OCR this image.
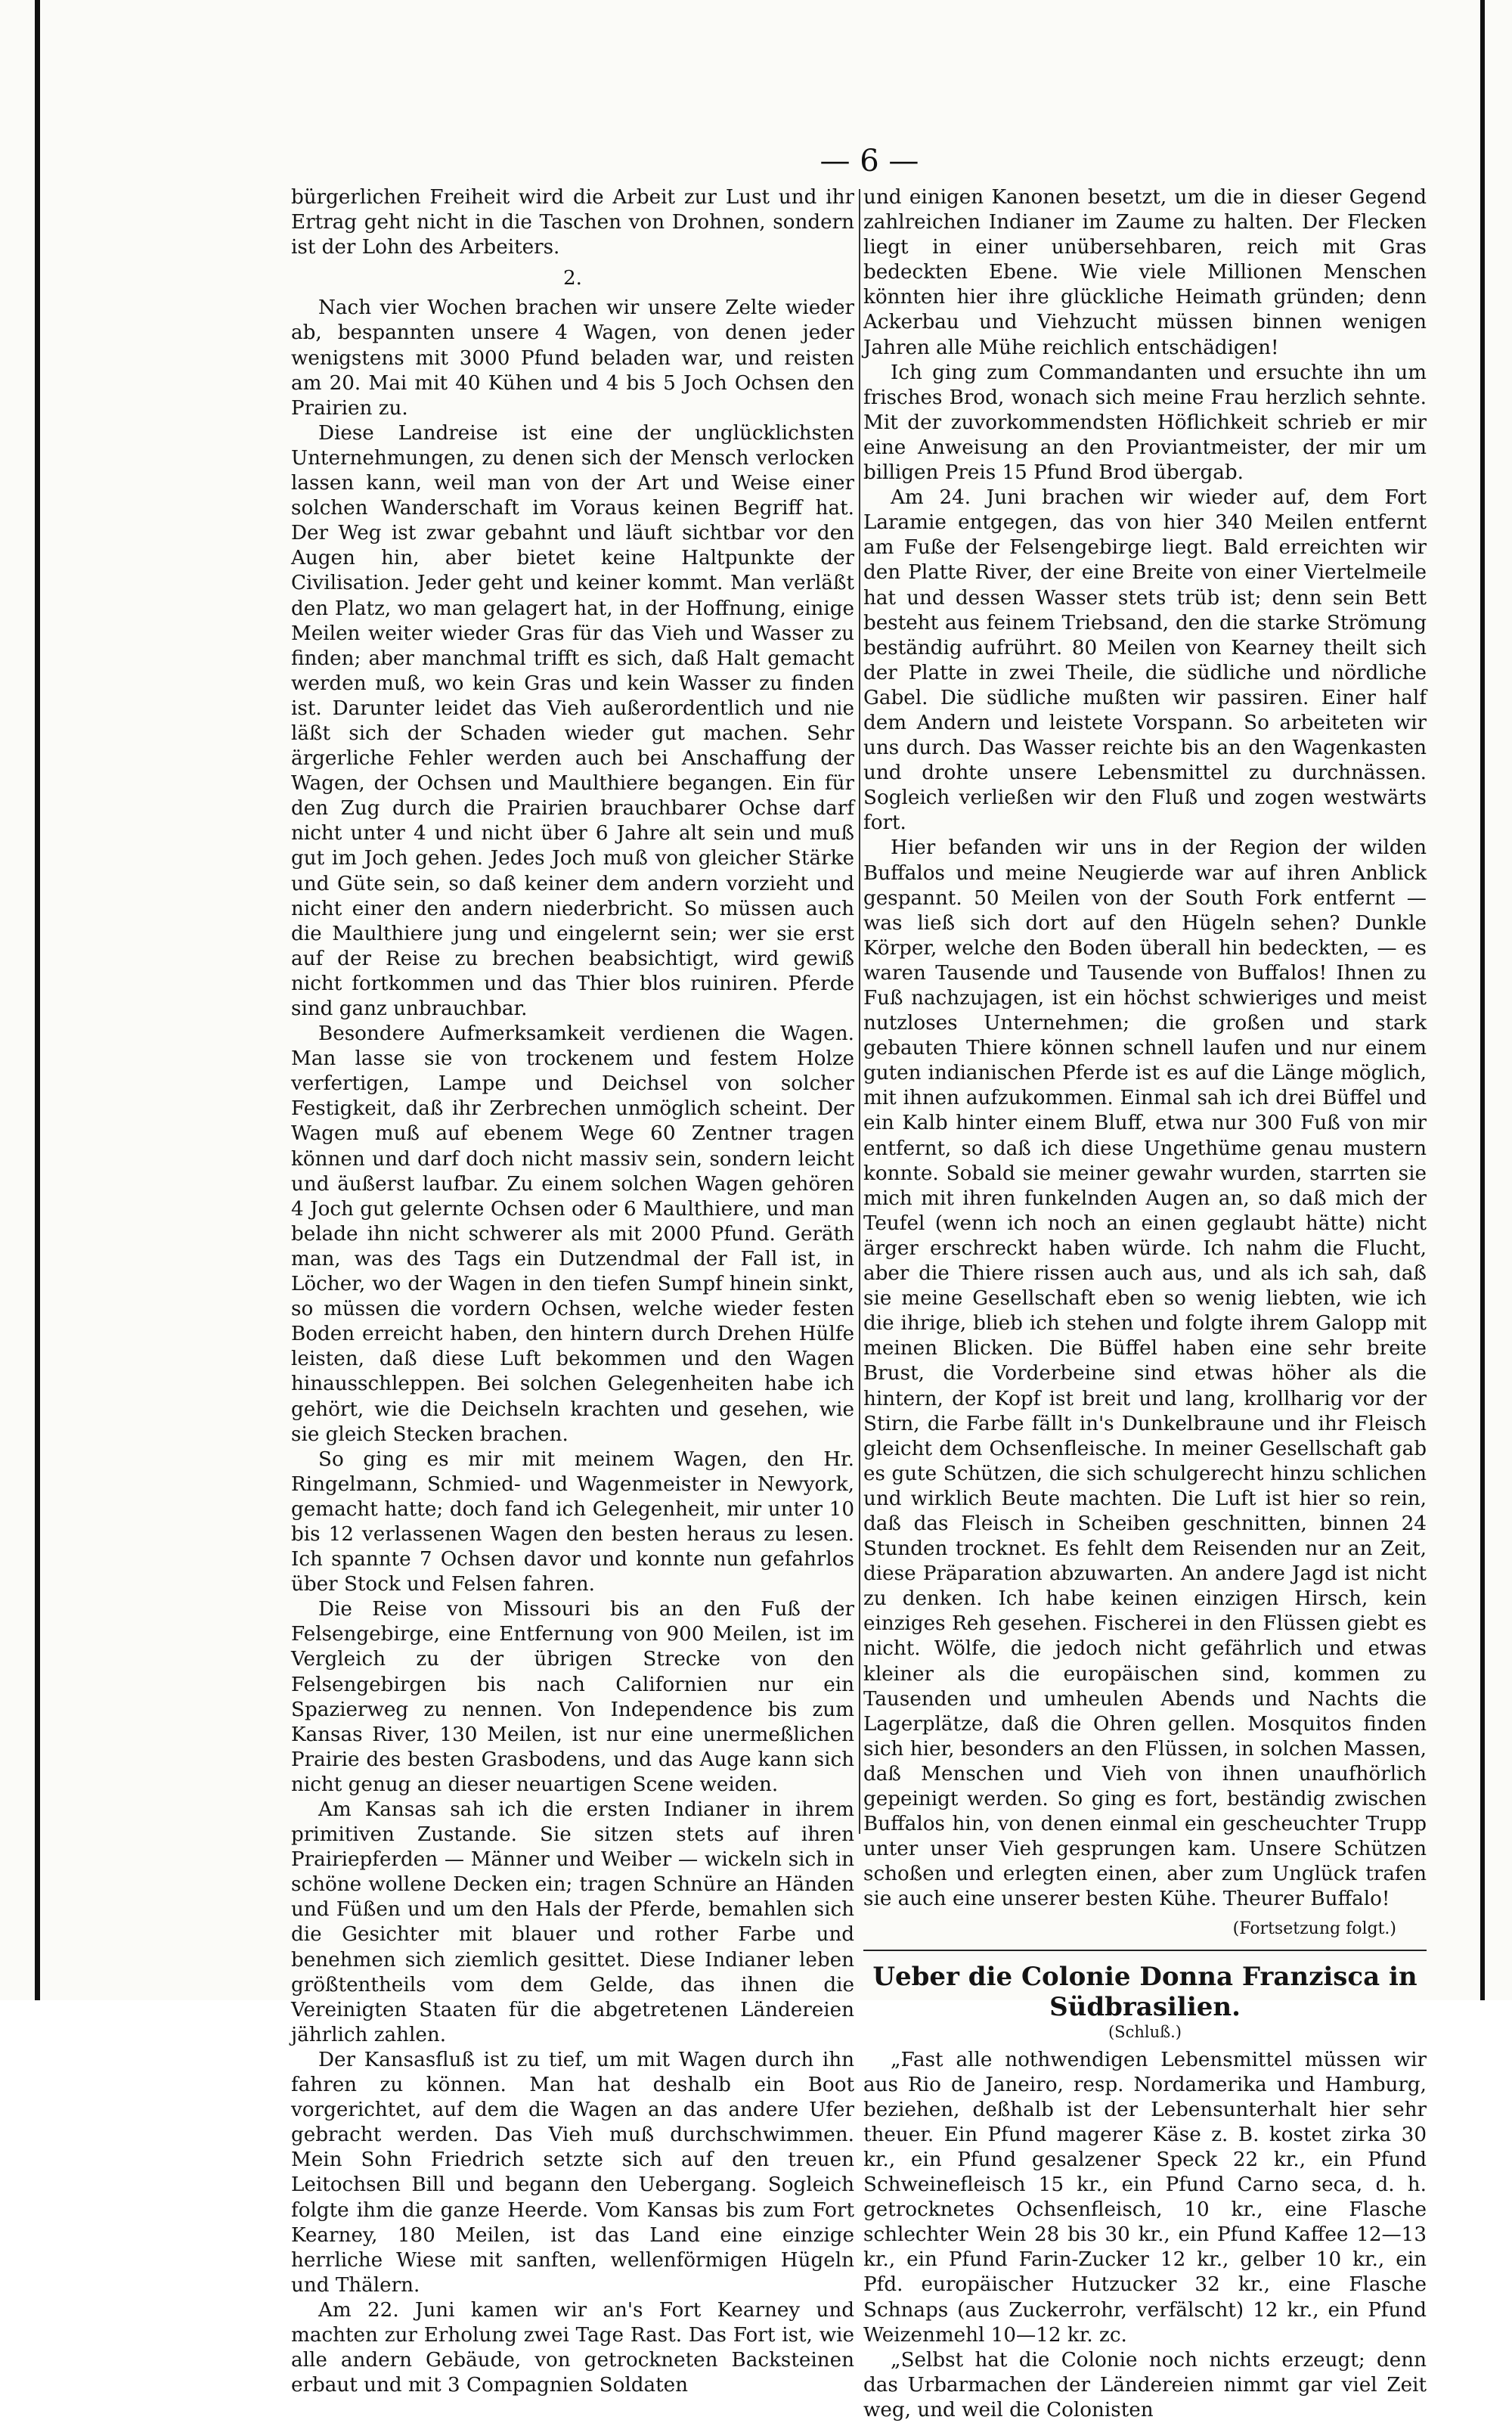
— 6 —

bürgerlichen Freiheit wird die Arbeit zur Lust und ihr Ertrag geht nicht in die Taschen von Drohnen, sondern ist der Lohn des Arbeiters.

2.

Nach vier Wochen brachen wir unsere Zelte wieder ab, bespannten unsere 4 Wagen, von denen jeder wenigstens mit 3000 Pfund beladen war, und reisten am 20. Mai mit 40 Kühen und 4 bis 5 Joch Ochsen den Prairien zu.

Diese Landreise ist eine der unglücklichsten Unternehmungen, zu denen sich der Mensch verlocken lassen kann, weil man von der Art und Weise einer solchen Wanderschaft im Voraus keinen Begriff hat. Der Weg ist zwar gebahnt und läuft sichtbar vor den Augen hin, aber bietet keine Haltpunkte der Civilisation. Jeder geht und keiner kommt. Man verläßt den Platz, wo man gelagert hat, in der Hoffnung, einige Meilen weiter wieder Gras für das Vieh und Wasser zu finden; aber manchmal trifft es sich, daß Halt gemacht werden muß, wo kein Gras und kein Wasser zu finden ist. Darunter leidet das Vieh außerordentlich und nie läßt sich der Schaden wieder gut machen. Sehr ärgerliche Fehler werden auch bei Anschaffung der Wagen, der Ochsen und Maulthiere begangen. Ein für den Zug durch die Prairien brauchbarer Ochse darf nicht unter 4 und nicht über 6 Jahre alt sein und muß gut im Joch gehen. Jedes Joch muß von gleicher Stärke und Güte sein, so daß keiner dem andern vorzieht und nicht einer den andern niederbricht. So müssen auch die Maulthiere jung und eingelernt sein; wer sie erst auf der Reise zu brechen beabsichtigt, wird gewiß nicht fortkommen und das Thier blos ruiniren. Pferde sind ganz unbrauchbar.

Besondere Aufmerksamkeit verdienen die Wagen. Man lasse sie von trockenem und festem Holze verfertigen, Lampe und Deichsel von solcher Festigkeit, daß ihr Zerbrechen unmöglich scheint. Der Wagen muß auf ebenem Wege 60 Zentner tragen können und darf doch nicht massiv sein, sondern leicht und äußerst laufbar. Zu einem solchen Wagen gehören 4 Joch gut gelernte Ochsen oder 6 Maulthiere, und man belade ihn nicht schwerer als mit 2000 Pfund. Geräth man, was des Tags ein Dutzendmal der Fall ist, in Löcher, wo der Wagen in den tiefen Sumpf hinein sinkt, so müssen die vordern Ochsen, welche wieder festen Boden erreicht haben, den hintern durch Drehen Hülfe leisten, daß diese Luft bekommen und den Wagen hinausschleppen. Bei solchen Gelegenheiten habe ich gehört, wie die Deichseln krachten und gesehen, wie sie gleich Stecken brachen.

So ging es mir mit meinem Wagen, den Hr. Ringelmann, Schmied- und Wagenmeister in Newyork, gemacht hatte; doch fand ich Gelegenheit, mir unter 10 bis 12 verlassenen Wagen den besten heraus zu lesen. Ich spannte 7 Ochsen davor und konnte nun gefahrlos über Stock und Felsen fahren.

Die Reise von Missouri bis an den Fuß der Felsengebirge, eine Entfernung von 900 Meilen, ist im Vergleich zu der übrigen Strecke von den Felsengebirgen bis nach Californien nur ein Spazierweg zu nennen. Von Independence bis zum Kansas River, 130 Meilen, ist nur eine unermeßlichen Prairie des besten Grasbodens, und das Auge kann sich nicht genug an dieser neuartigen Scene weiden.

Am Kansas sah ich die ersten Indianer in ihrem primitiven Zustande. Sie sitzen stets auf ihren Prairiepferden — Männer und Weiber — wickeln sich in schöne wollene Decken ein; tragen Schnüre an Händen und Füßen und um den Hals der Pferde, bemahlen sich die Gesichter mit blauer und rother Farbe und benehmen sich ziemlich gesittet. Diese Indianer leben größtentheils vom dem Gelde, das ihnen die Vereinigten Staaten für die abgetretenen Ländereien jährlich zahlen.

Der Kansasfluß ist zu tief, um mit Wagen durch ihn fahren zu können. Man hat deshalb ein Boot vorgerichtet, auf dem die Wagen an das andere Ufer gebracht werden. Das Vieh muß durchschwimmen. Mein Sohn Friedrich setzte sich auf den treuen Leitochsen Bill und begann den Uebergang. Sogleich folgte ihm die ganze Heerde. Vom Kansas bis zum Fort Kearney, 180 Meilen, ist das Land eine einzige herrliche Wiese mit sanften, wellenförmigen Hügeln und Thälern.

Am 22. Juni kamen wir an's Fort Kearney und machten zur Erholung zwei Tage Rast. Das Fort ist, wie alle andern Gebäude, von getrockneten Backsteinen erbaut und mit 3 Compagnien Soldaten

und einigen Kanonen besetzt, um die in dieser Gegend zahlreichen Indianer im Zaume zu halten. Der Flecken liegt in einer unübersehbaren, reich mit Gras bedeckten Ebene. Wie viele Millionen Menschen könnten hier ihre glückliche Heimath gründen; denn Ackerbau und Viehzucht müssen binnen wenigen Jahren alle Mühe reichlich entschädigen!

Ich ging zum Commandanten und ersuchte ihn um frisches Brod, wonach sich meine Frau herzlich sehnte. Mit der zuvorkommendsten Höflichkeit schrieb er mir eine Anweisung an den Proviantmeister, der mir um billigen Preis 15 Pfund Brod übergab.

Am 24. Juni brachen wir wieder auf, dem Fort Laramie entgegen, das von hier 340 Meilen entfernt am Fuße der Felsengebirge liegt. Bald erreichten wir den Platte River, der eine Breite von einer Viertelmeile hat und dessen Wasser stets trüb ist; denn sein Bett besteht aus feinem Triebsand, den die starke Strömung beständig aufrührt. 80 Meilen von Kearney theilt sich der Platte in zwei Theile, die südliche und nördliche Gabel. Die südliche mußten wir passiren. Einer half dem Andern und leistete Vorspann. So arbeiteten wir uns durch. Das Wasser reichte bis an den Wagenkasten und drohte unsere Lebensmittel zu durchnässen. Sogleich verließen wir den Fluß und zogen westwärts fort.

Hier befanden wir uns in der Region der wilden Buffalos und meine Neugierde war auf ihren Anblick gespannt. 50 Meilen von der South Fork entfernt — was ließ sich dort auf den Hügeln sehen? Dunkle Körper, welche den Boden überall hin bedeckten, — es waren Tausende und Tausende von Buffalos! Ihnen zu Fuß nachzujagen, ist ein höchst schwieriges und meist nutzloses Unternehmen; die großen und stark gebauten Thiere können schnell laufen und nur einem guten indianischen Pferde ist es auf die Länge möglich, mit ihnen aufzukommen. Einmal sah ich drei Büffel und ein Kalb hinter einem Bluff, etwa nur 300 Fuß von mir entfernt, so daß ich diese Ungethüme genau mustern konnte. Sobald sie meiner gewahr wurden, starrten sie mich mit ihren funkelnden Augen an, so daß mich der Teufel (wenn ich noch an einen geglaubt hätte) nicht ärger erschreckt haben würde. Ich nahm die Flucht, aber die Thiere rissen auch aus, und als ich sah, daß sie meine Gesellschaft eben so wenig liebten, wie ich die ihrige, blieb ich stehen und folgte ihrem Galopp mit meinen Blicken. Die Büffel haben eine sehr breite Brust, die Vorderbeine sind etwas höher als die hintern, der Kopf ist breit und lang, krollharig vor der Stirn, die Farbe fällt in's Dunkelbraune und ihr Fleisch gleicht dem Ochsenfleische. In meiner Gesellschaft gab es gute Schützen, die sich schulgerecht hinzu schlichen und wirklich Beute machten. Die Luft ist hier so rein, daß das Fleisch in Scheiben geschnitten, binnen 24 Stunden trocknet. Es fehlt dem Reisenden nur an Zeit, diese Präparation abzuwarten. An andere Jagd ist nicht zu denken. Ich habe keinen einzigen Hirsch, kein einziges Reh gesehen. Fischerei in den Flüssen giebt es nicht. Wölfe, die jedoch nicht gefährlich und etwas kleiner als die europäischen sind, kommen zu Tausenden und umheulen Abends und Nachts die Lagerplätze, daß die Ohren gellen. Mosquitos finden sich hier, besonders an den Flüssen, in solchen Massen, daß Menschen und Vieh von ihnen unaufhörlich gepeinigt werden. So ging es fort, beständig zwischen Buffalos hin, von denen einmal ein gescheuchter Trupp unter unser Vieh gesprungen kam. Unsere Schützen schoßen und erlegten einen, aber zum Unglück trafen sie auch eine unserer besten Kühe. Theurer Buffalo!

(Fortsetzung folgt.)

Ueber die Colonie Donna Franzisca in Südbrasilien.

(Schluß.)

„Fast alle nothwendigen Lebensmittel müssen wir aus Rio de Janeiro, resp. Nordamerika und Hamburg, beziehen, deßhalb ist der Lebensunterhalt hier sehr theuer. Ein Pfund magerer Käse z. B. kostet zirka 30 kr., ein Pfund gesalzener Speck 22 kr., ein Pfund Schweinefleisch 15 kr., ein Pfund Carno seca, d. h. getrocknetes Ochsenfleisch, 10 kr., eine Flasche schlechter Wein 28 bis 30 kr., ein Pfund Kaffee 12—13 kr., ein Pfund Farin-Zucker 12 kr., gelber 10 kr., ein Pfd. europäischer Hutzucker 32 kr., eine Flasche Schnaps (aus Zuckerrohr, verfälscht) 12 kr., ein Pfund Weizenmehl 10—12 kr. zc.

„Selbst hat die Colonie noch nichts erzeugt; denn das Urbarmachen der Ländereien nimmt gar viel Zeit weg, und weil die Colonisten
